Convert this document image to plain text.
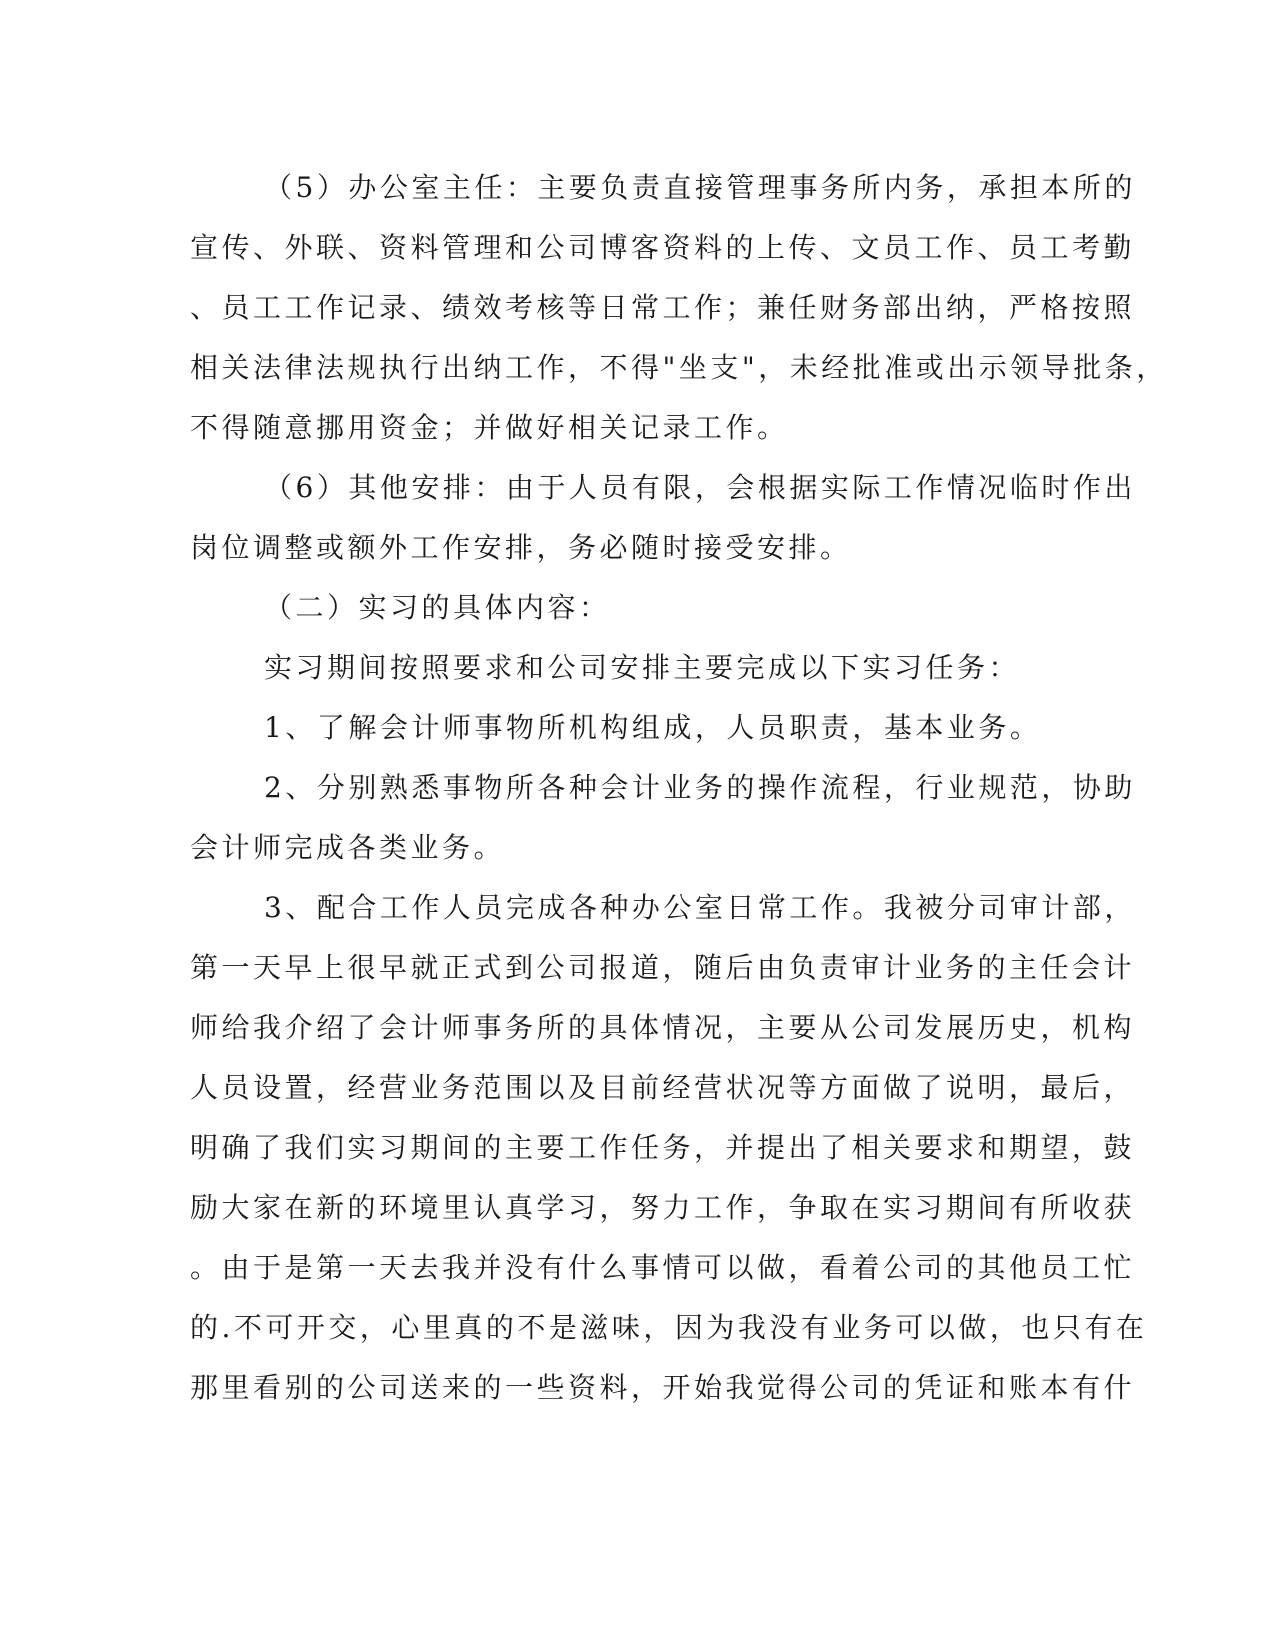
（5）办公室主任：主要负责直接管理事务所内务，承担本所的
宣传、外联、资料管理和公司博客资料的上传、文员工作、员工考勤
、员工工作记录、绩效考核等日常工作；兼任财务部出纳，严格按照
相关法律法规执行出纳工作，不得"坐支"，未经批准或出示领导批条，
不得随意挪用资金；并做好相关记录工作。

（6）其他安排：由于人员有限，会根据实际工作情况临时作出
岗位调整或额外工作安排，务必随时接受安排。

（二）实习的具体内容：

实习期间按照要求和公司安排主要完成以下实习任务：

1、了解会计师事物所机构组成，人员职责，基本业务。

2、分别熟悉事物所各种会计业务的操作流程，行业规范，协助
会计师完成各类业务。

3、配合工作人员完成各种办公室日常工作。我被分司审计部，
第一天早上很早就正式到公司报道，随后由负责审计业务的主任会计
师给我介绍了会计师事务所的具体情况，主要从公司发展历史，机构
人员设置，经营业务范围以及目前经营状况等方面做了说明，最后，
明确了我们实习期间的主要工作任务，并提出了相关要求和期望，鼓
励大家在新的环境里认真学习，努力工作，争取在实习期间有所收获
。由于是第一天去我并没有什么事情可以做，看着公司的其他员工忙
的.不可开交，心里真的不是滋味，因为我没有业务可以做，也只有在
那里看别的公司送来的一些资料，开始我觉得公司的凭证和账本有什
